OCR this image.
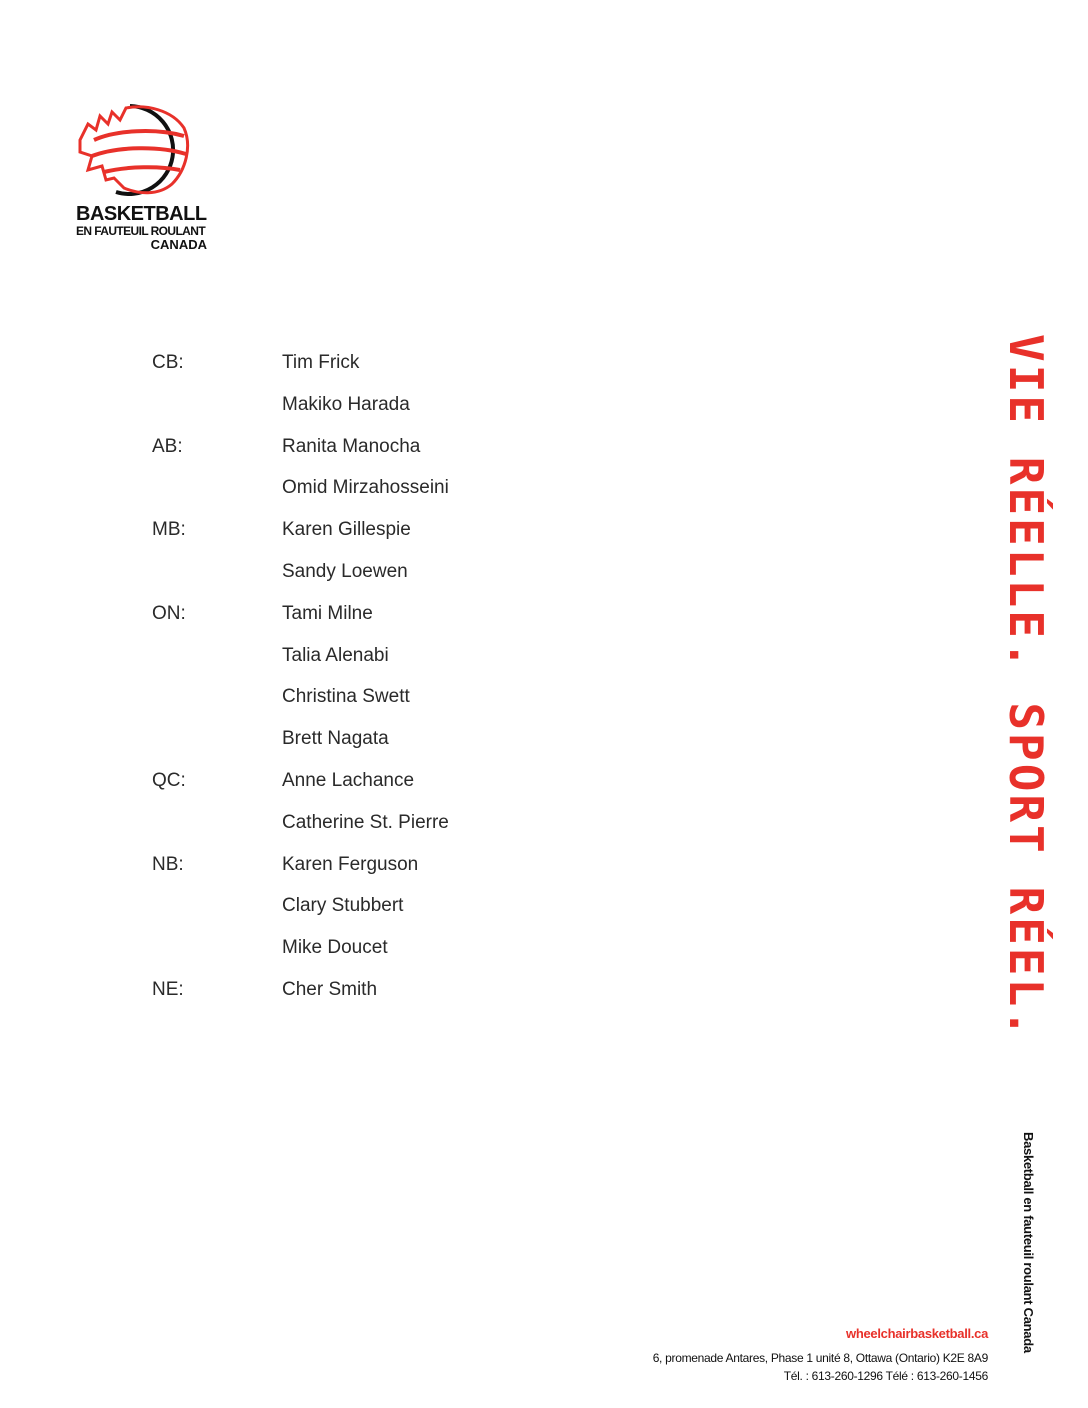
BASKETBALL
EN FAUTEUIL ROULANT
CANADA
CB:	Tim Frick
Makiko Harada
AB:	Ranita Manocha
Omid Mirzahosseini
MB:	Karen Gillespie
Sandy Loewen
ON:	Tami Milne
Talia Alenabi
Christina Swett
Brett Nagata
QC:	Anne Lachance
Catherine St. Pierre
NB:	Karen Ferguson
Clary Stubbert
Mike Doucet
NE:	Cher Smith	VIE RÉELLE. SPORT RÉEL.
Basketball en fauteuil roulant Canada
wheelchairbasketball.ca
6, promenade Antares, Phase 1 unité 8, Ottawa (Ontario) K2E 8A9
Tél. : 613-260-1296 Télé : 613-260-1456
